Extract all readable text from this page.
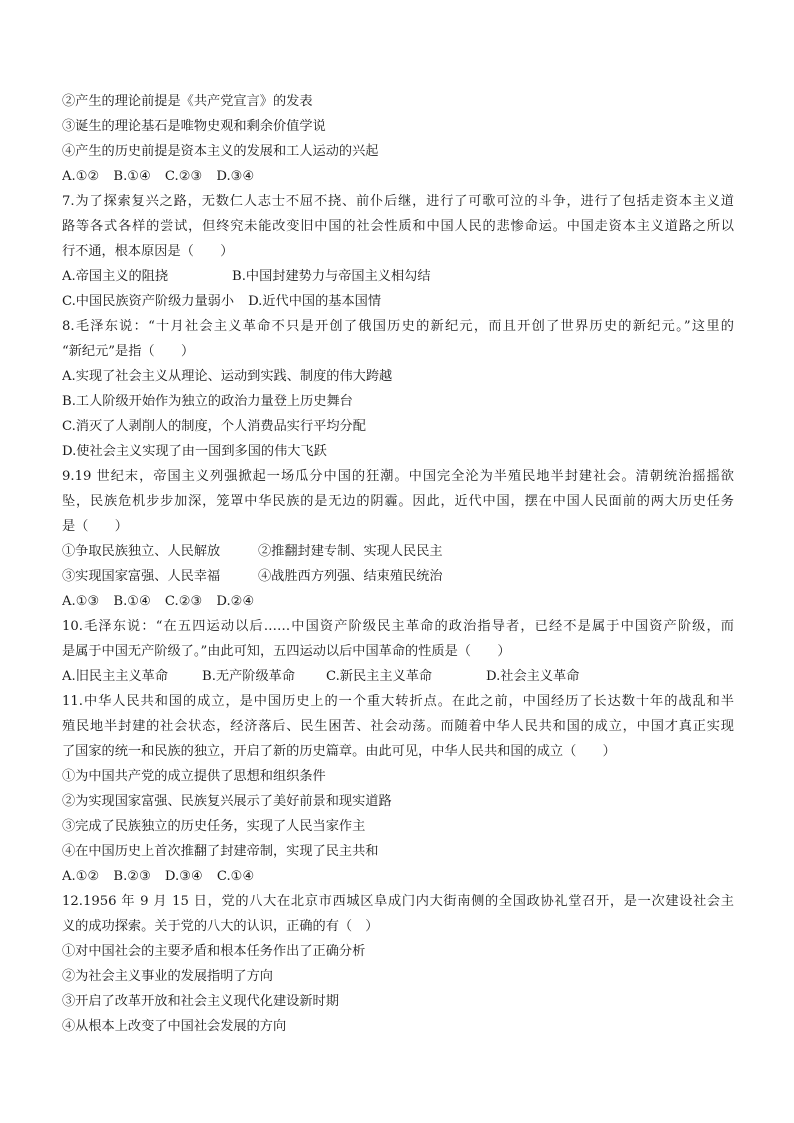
②产生的理论前提是《共产党宣言》的发表
③诞生的理论基石是唯物史观和剩余价值学说
④产生的历史前提是资本主义的发展和工人运动的兴起
A.①② B.①④ C.②③ D.③④
7.为了探索复兴之路，无数仁人志士不屈不挠、前仆后继，进行了可歌可泣的斗争，进行了包括走资本主义道
路等各式各样的尝试，但终究未能改变旧中国的社会性质和中国人民的悲惨命运。中国走资本主义道路之所以
行不通，根本原因是（　　）
A.帝国主义的阻挠	B.中国封建势力与帝国主义相勾结
C.中国民族资产阶级力量弱小 D.近代中国的基本国情
8.毛泽东说：“十月社会主义革命不只是开创了俄国历史的新纪元，而且开创了世界历史的新纪元。”这里的
“新纪元”是指（　　）
A.实现了社会主义从理论、运动到实践、制度的伟大跨越
B.工人阶级开始作为独立的政治力量登上历史舞台
C.消灭了人剥削人的制度，个人消费品实行平均分配
D.使社会主义实现了由一国到多国的伟大飞跃
9.19 世纪末，帝国主义列强掀起一场瓜分中国的狂潮。中国完全沦为半殖民地半封建社会。清朝统治摇摇欲
坠，民族危机步步加深，笼罩中华民族的是无边的阴霾。因此，近代中国，摆在中国人民面前的两大历史任务
是（　　）
①争取民族独立、人民解放	②推翻封建专制、实现人民民主
③实现国家富强、人民幸福	④战胜西方列强、结束殖民统治
A.①③ B.①④ C.②③ D.②④
10.毛泽东说：“在五四运动以后……中国资产阶级民主革命的政治指导者，已经不是属于中国资产阶级，而
是属于中国无产阶级了。”由此可知，五四运动以后中国革命的性质是（　　）
A.旧民主主义革命	B.无产阶级革命 C.新民主主义革命	D.社会主义革命
11.中华人民共和国的成立，是中国历史上的一个重大转折点。在此之前，中国经历了长达数十年的战乱和半
殖民地半封建的社会状态，经济落后、民生困苦、社会动荡。而随着中华人民共和国的成立，中国才真正实现
了国家的统一和民族的独立，开启了新的历史篇章。由此可见，中华人民共和国的成立（　　）
①为中国共产党的成立提供了思想和组织条件
②为实现国家富强、民族复兴展示了美好前景和现实道路
③完成了民族独立的历史任务，实现了人民当家作主
④在中国历史上首次推翻了封建帝制，实现了民主共和
A.①② B.②③ D.③④ C.①④
12.1956 年 9 月 15 日，党的八大在北京市西城区阜成门内大街南侧的全国政协礼堂召开，是一次建设社会主
义的成功探索。关于党的八大的认识，正确的有（　）
①对中国社会的主要矛盾和根本任务作出了正确分析
②为社会主义事业的发展指明了方向
③开启了改革开放和社会主义现代化建设新时期
④从根本上改变了中国社会发展的方向
